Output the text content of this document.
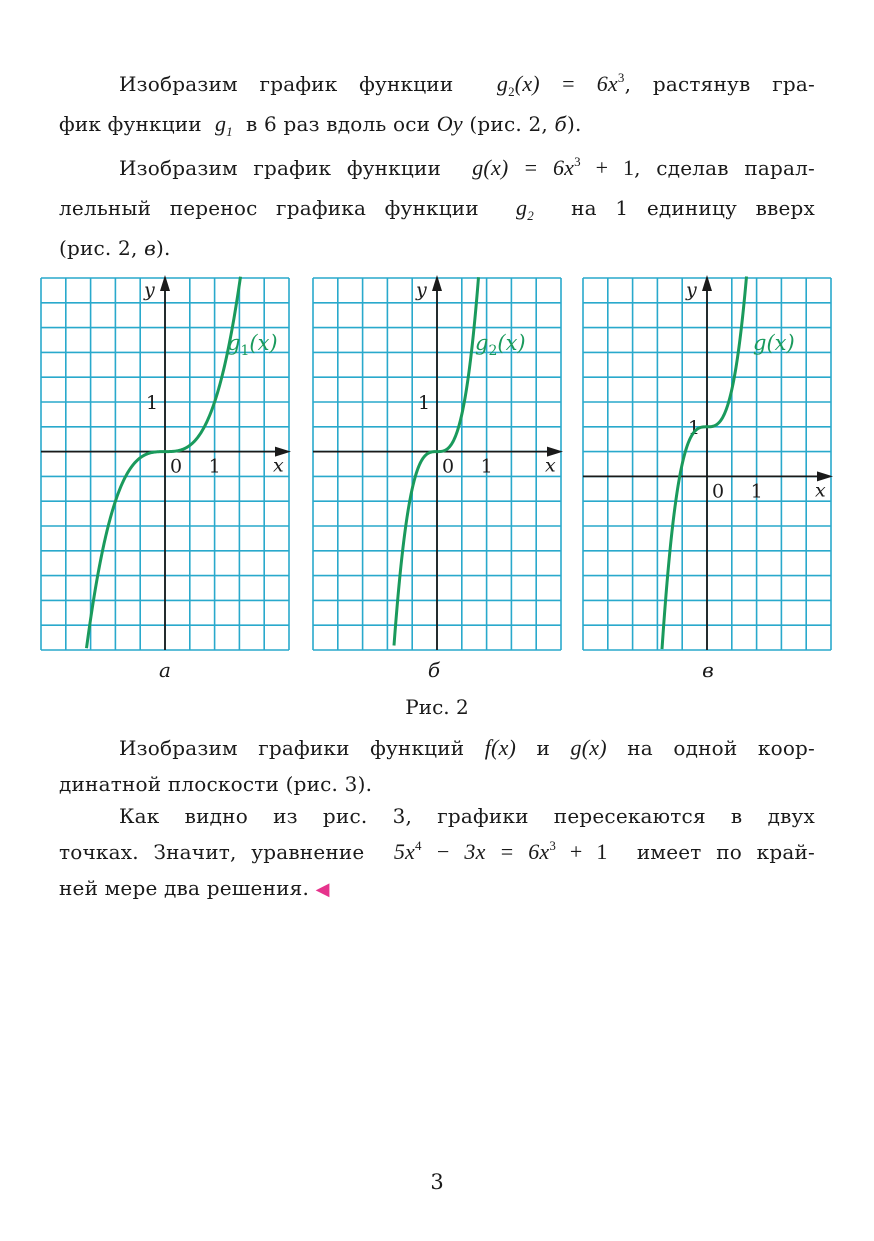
Изобразим график функции $g_2(x) = 6x^3$, растянув гра-
фик функции $g_1$ в 6 раз вдоль оси Oy (рис. 2, б).
Изобразим график функции $g(x) = 6x^3 + 1$, сделав парал-
лельный перенос графика функции $g_2$ на 1 единицу вверх
(рис. 2, в).
y
x
0 1
1
$g_1(x)$
y
x
0 1
1
$g_2(x)$
y
x
0 1
1
g(x)
а	б	в
Рис. 2
Изобразим графики функций f(x) и g(x) на одной коор-
динатной плоскости (рис. 3).
Как видно из рис. 3, графики пересекаются в двух
точках. Значит, уравнение $5x^4 - 3x = 6x^3 + 1$ имеет по край-
ней мере два решения. ◀
3
